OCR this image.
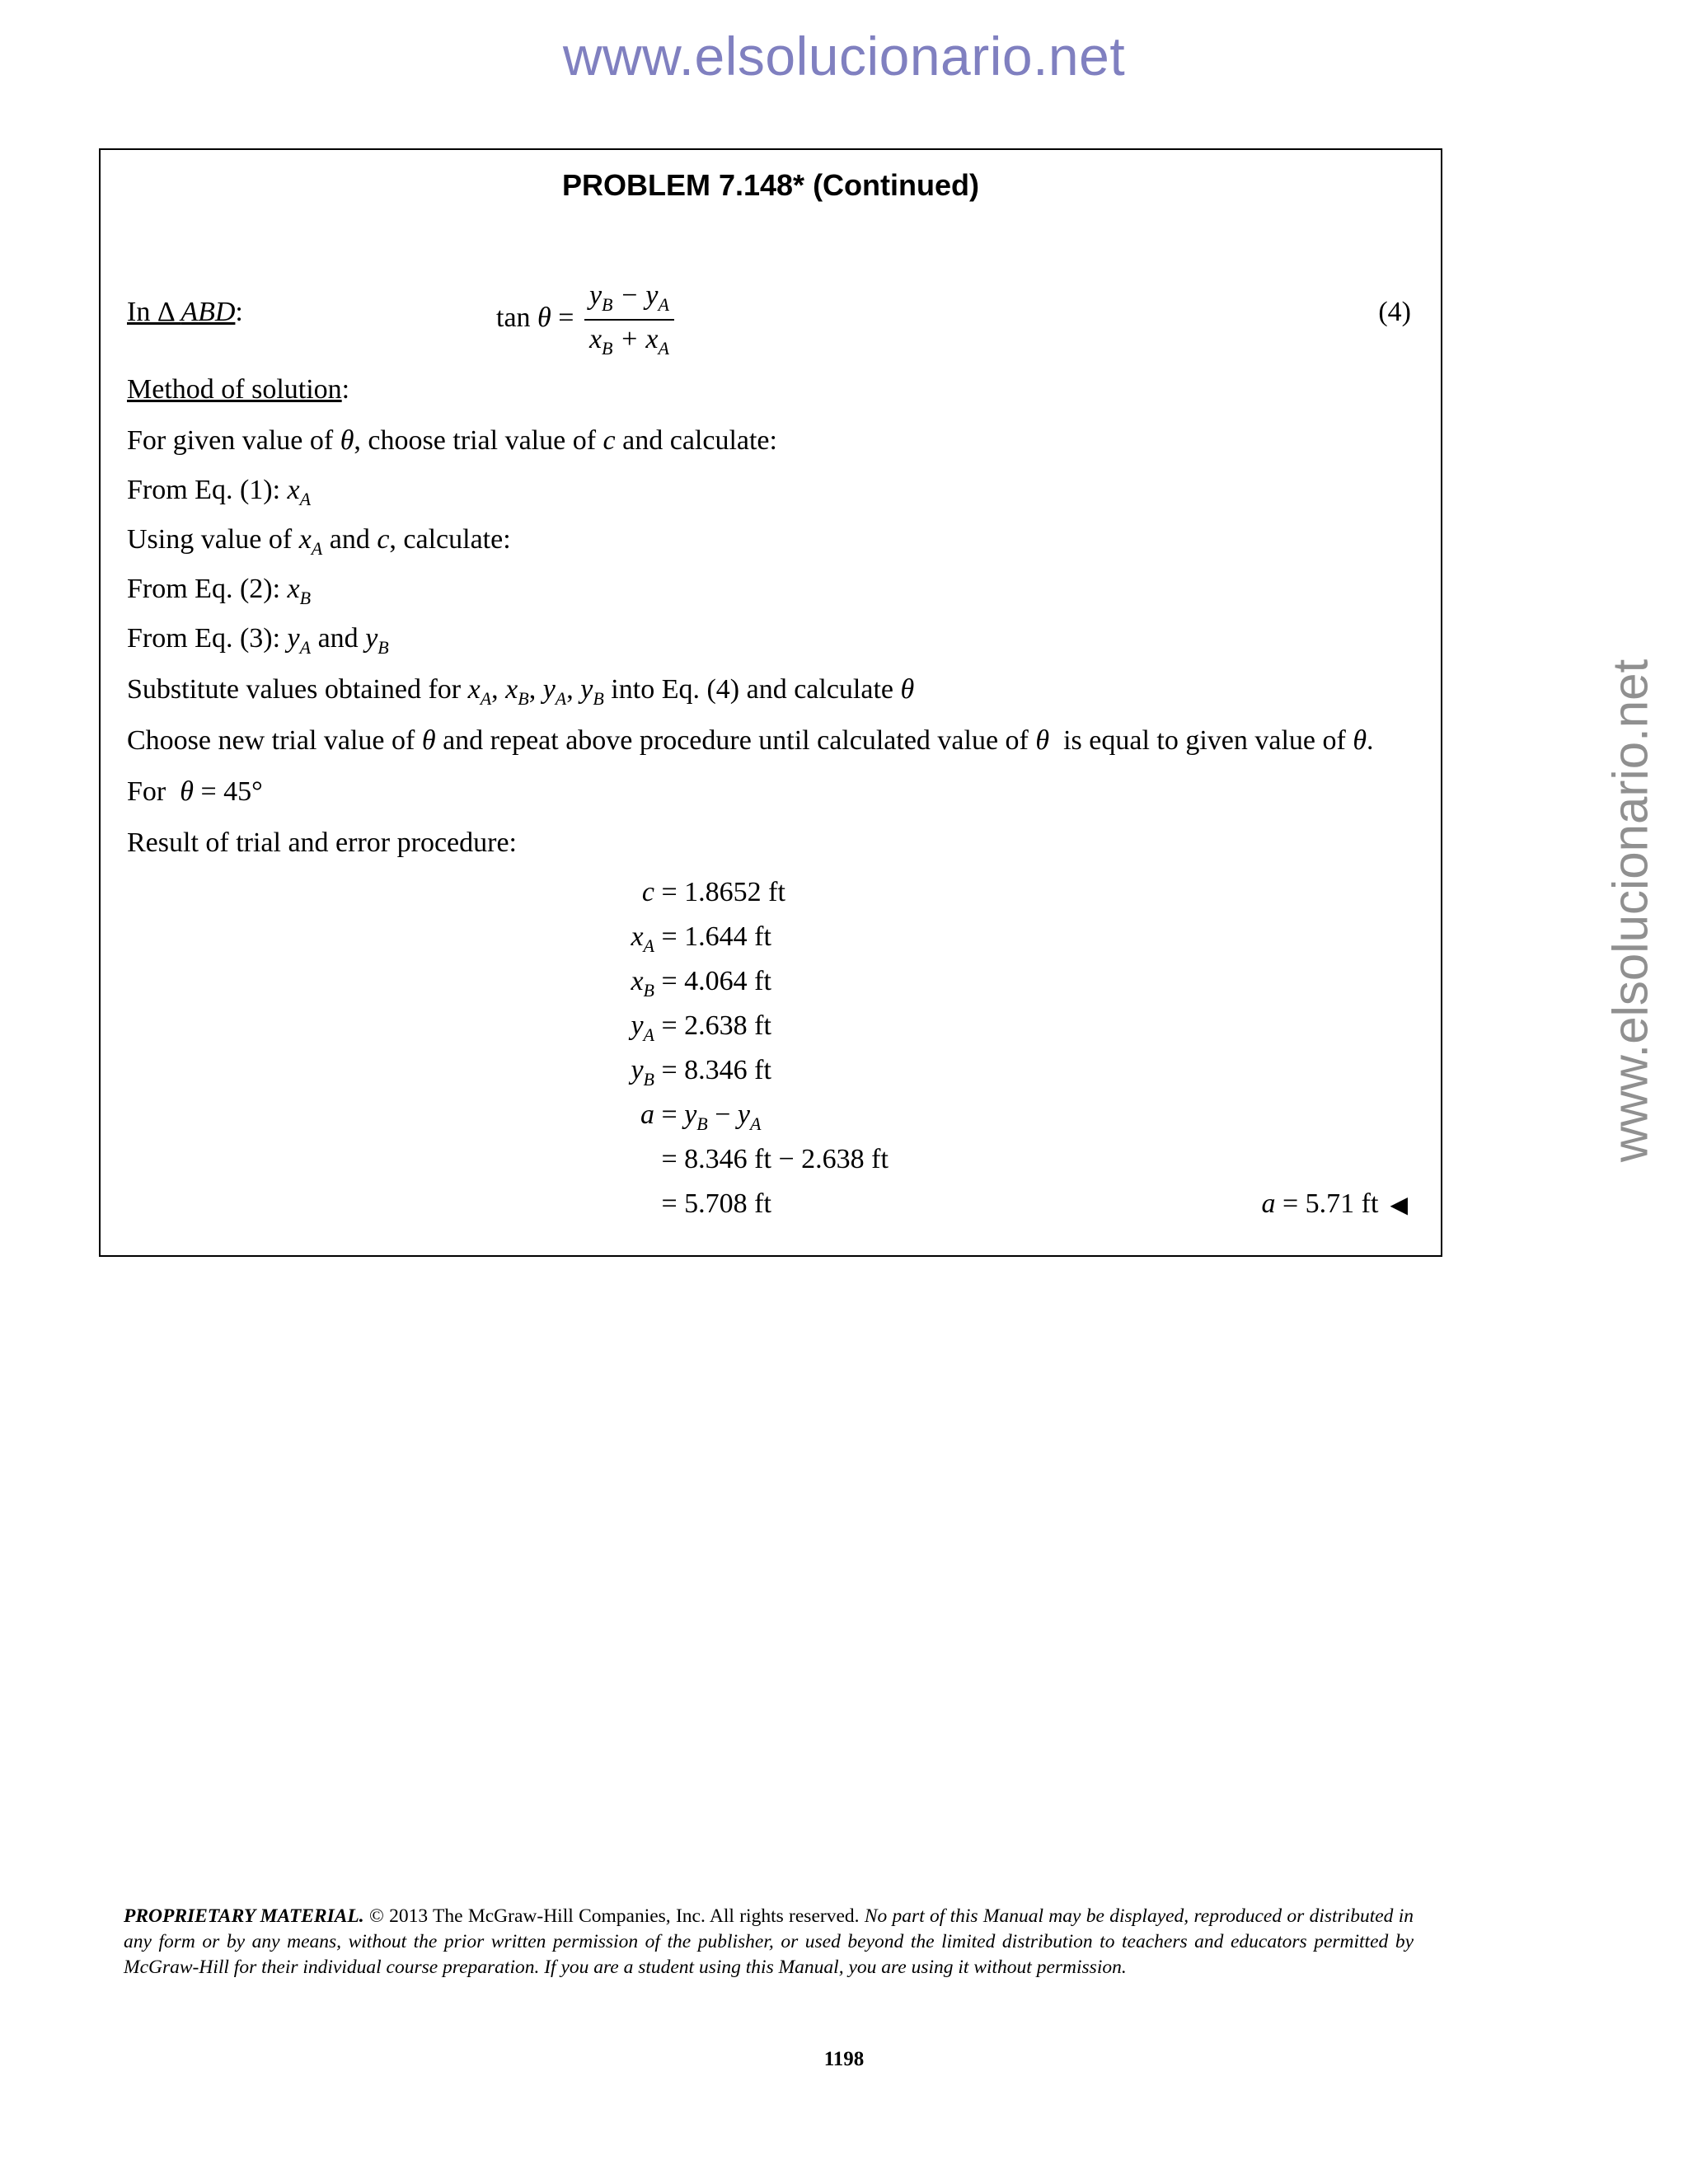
www.elsolucionario.net
www.elsolucionario.net
PROBLEM 7.148* (Continued)
In Δ ABD:	$\tan \theta = \frac{y_B - y_A}{x_B + x_A}$	(4)
Method of solution:
For given value of θ, choose trial value of c and calculate:
From Eq. (1): $x_A$
Using value of $x_A$ and c, calculate:
From Eq. (2): $x_B$
From Eq. (3): $y_A$ and $y_B$
Substitute values obtained for $x_A$, $x_B$, $y_A$, $y_B$ into Eq. (4) and calculate θ
Choose new trial value of θ and repeat above procedure until calculated value of θ  is equal to given value of θ.
For  θ = 45°
Result of trial and error procedure:
c = 1.8652 ft
$x_A = 1.644$ ft
$x_B = 4.064$ ft
$y_A = 2.638$ ft
$y_B = 8.346$ ft
$a = y_B - y_A$
= 8.346 ft − 2.638 ft
= 5.708 ft	a = 5.71 ft ◀
PROPRIETARY MATERIAL. © 2013 The McGraw-Hill Companies, Inc. All rights reserved. No part of this Manual may be displayed, reproduced or distributed in any form or by any means, without the prior written permission of the publisher, or used beyond the limited distribution to teachers and educators permitted by McGraw-Hill for their individual course preparation. If you are a student using this Manual, you are using it without permission.
1198
